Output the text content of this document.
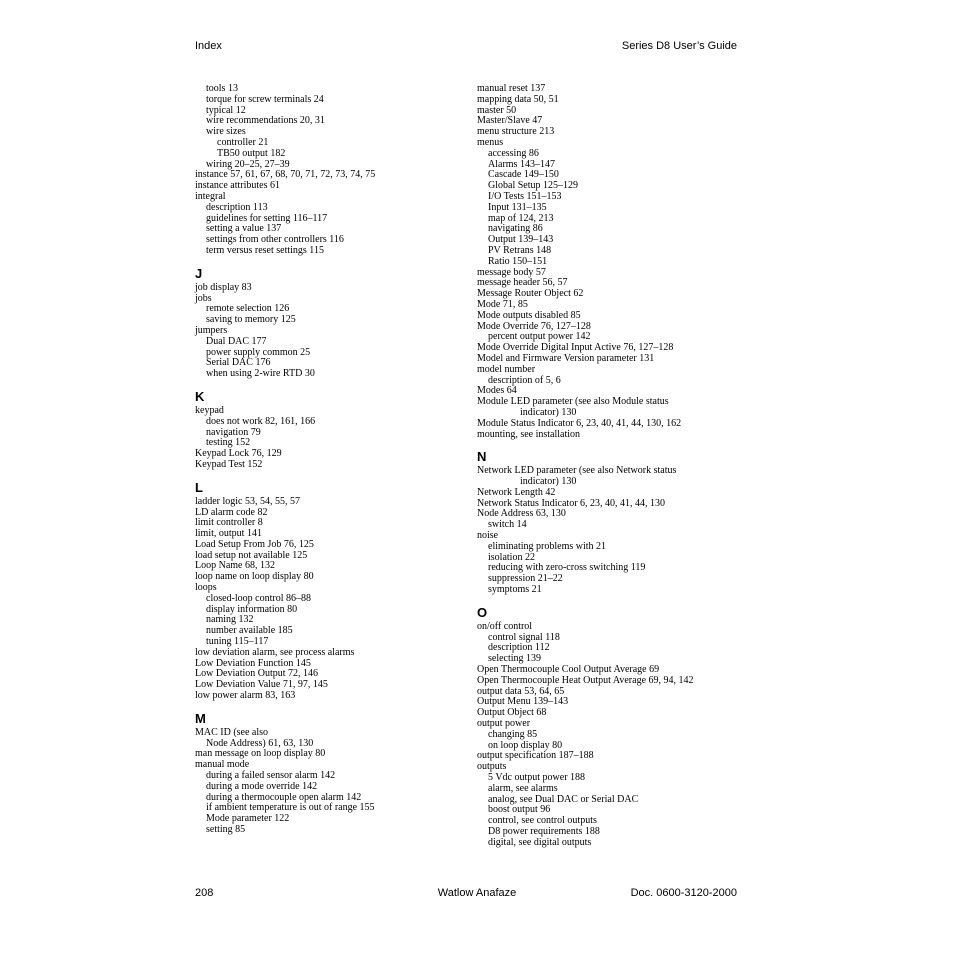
Index	Series D8 User’s Guide
tools 13
torque for screw terminals 24
typical 12
wire recommendations 20, 31
wire sizes
controller 21
TB50 output 182
wiring 20–25, 27–39
instance 57, 61, 67, 68, 70, 71, 72, 73, 74, 75
instance attributes 61
integral
description 113
guidelines for setting 116–117
setting a value 137
settings from other controllers 116
term versus reset settings 115
J
job display 83
jobs
remote selection 126
saving to memory 125
jumpers
Dual DAC 177
power supply common 25
Serial DAC 176
when using 2-wire RTD 30
K
keypad
does not work 82, 161, 166
navigation 79
testing 152
Keypad Lock 76, 129
Keypad Test 152
L
ladder logic 53, 54, 55, 57
LD alarm code 82
limit controller 8
limit, output 141
Load Setup From Job 76, 125
load setup not available 125
Loop Name 68, 132
loop name on loop display 80
loops
closed-loop control 86–88
display information 80
naming 132
number available 185
tuning 115–117
low deviation alarm, see process alarms
Low Deviation Function 145
Low Deviation Output 72, 146
Low Deviation Value 71, 97, 145
low power alarm 83, 163
M
MAC ID (see also
Node Address) 61, 63, 130
man message on loop display 80
manual mode
during a failed sensor alarm 142
during a mode override 142
during a thermocouple open alarm 142
if ambient temperature is out of range 155
Mode parameter 122
setting 85
manual reset 137
mapping data 50, 51
master 50
Master/Slave 47
menu structure 213
menus
accessing 86
Alarms 143–147
Cascade 149–150
Global Setup 125–129
I/O Tests 151–153
Input 131–135
map of 124, 213
navigating 86
Output 139–143
PV Retrans 148
Ratio 150–151
message body 57
message header 56, 57
Message Router Object 62
Mode 71, 85
Mode outputs disabled 85
Mode Override 76, 127–128
percent output power 142
Mode Override Digital Input Active 76, 127–128
Model and Firmware Version parameter 131
model number
description of 5, 6
Modes 64
Module LED parameter (see also Module status
indicator) 130
Module Status Indicator 6, 23, 40, 41, 44, 130, 162
mounting, see installation
N
Network LED parameter (see also Network status
indicator) 130
Network Length 42
Network Status Indicator 6, 23, 40, 41, 44, 130
Node Address 63, 130
switch 14
noise
eliminating problems with 21
isolation 22
reducing with zero-cross switching 119
suppression 21–22
symptoms 21
O
on/off control
control signal 118
description 112
selecting 139
Open Thermocouple Cool Output Average 69
Open Thermocouple Heat Output Average 69, 94, 142
output data 53, 64, 65
Output Menu 139–143
Output Object 68
output power
changing 85
on loop display 80
output specification 187–188
outputs
5 Vdc output power 188
alarm, see alarms
analog, see Dual DAC or Serial DAC
boost output 96
control, see control outputs
D8 power requirements 188
digital, see digital outputs
208	Watlow Anafaze	Doc. 0600-3120-2000
